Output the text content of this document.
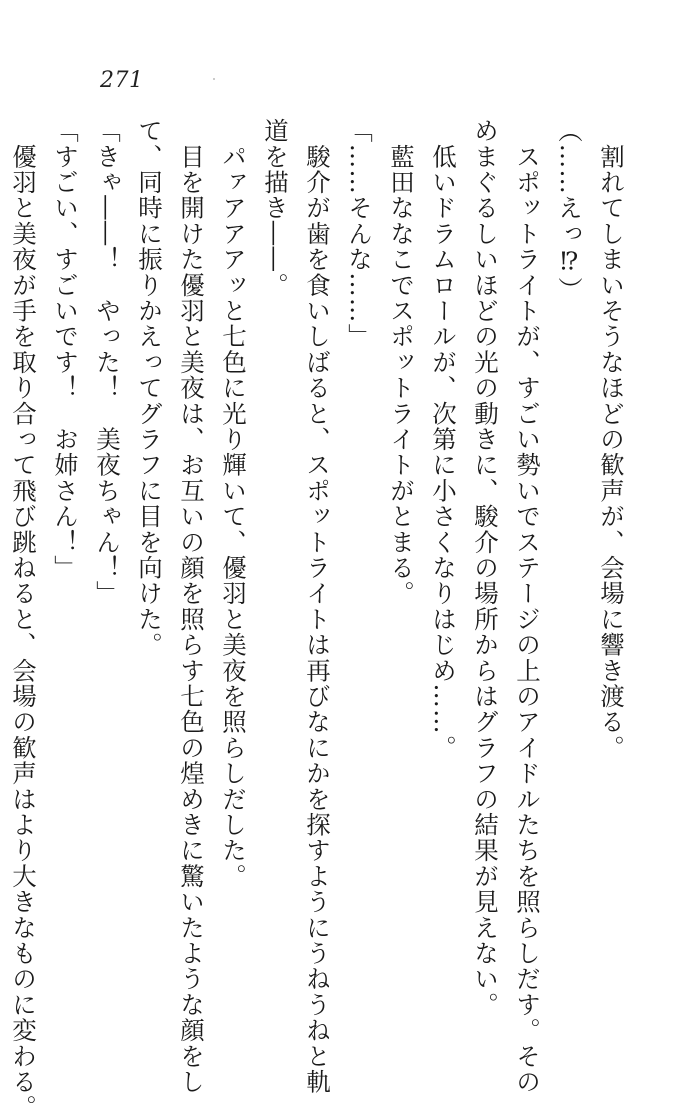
271
　割れてしまいそうなほどの歓声が、会場に響き渡る。
（……えっ⁉）
　スポットライトが、すごい勢いでステージの上のアイドルたちを照らしだす。その
めまぐるしいほどの光の動きに、駿介の場所からはグラフの結果が見えない。
　低いドラムロールが、次第に小さくなりはじめ……。
　藍田ななこでスポットライトがとまる。
「……そんな……」
　駿介が歯を食いしばると、スポットライトは再びなにかを探すようにうねうねと軌
道を描き――。
　パァアアアッと七色に光り輝いて、優羽と美夜を照らしだした。
　目を開けた優羽と美夜は、お互いの顔を照らす七色の煌めきに驚いたような顔をし
て、同時に振りかえってグラフに目を向けた。
「きゃ――！　やった！　美夜ちゃん！」
「すごい、すごいです！　お姉さん！」
　優羽と美夜が手を取り合って飛び跳ねると、会場の歓声はより大きなものに変わる。
